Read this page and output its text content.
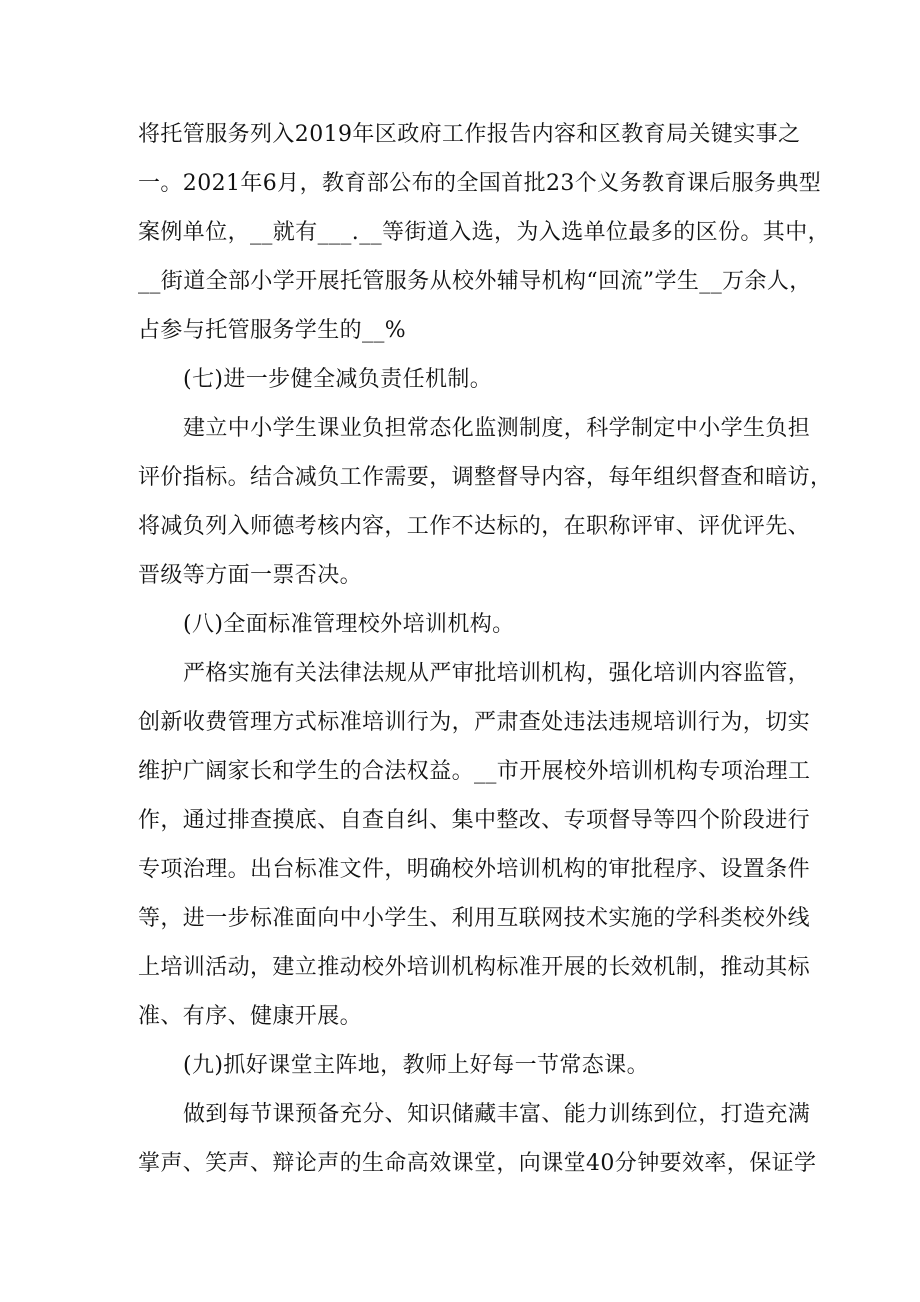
将托管服务列入2019年区政府工作报告内容和区教育局关键实事之
一。2021年6月，教育部公布的全国首批23个义务教育课后服务典型
案例单位，__就有___.__等街道入选，为入选单位最多的区份。其中，
__街道全部小学开展托管服务从校外辅导机构“回流”学生__万余人，
占参与托管服务学生的__%
(七)进一步健全减负责任机制。
建立中小学生课业负担常态化监测制度，科学制定中小学生负担
评价指标。结合减负工作需要，调整督导内容，每年组织督查和暗访，
将减负列入师德考核内容，工作不达标的，在职称评审、评优评先、
晋级等方面一票否决。
(八)全面标准管理校外培训机构。
严格实施有关法律法规从严审批培训机构，强化培训内容监管，
创新收费管理方式标准培训行为，严肃查处违法违规培训行为，切实
维护广阔家长和学生的合法权益。__市开展校外培训机构专项治理工
作，通过排查摸底、自查自纠、集中整改、专项督导等四个阶段进行
专项治理。出台标准文件，明确校外培训机构的审批程序、设置条件
等，进一步标准面向中小学生、利用互联网技术实施的学科类校外线
上培训活动，建立推动校外培训机构标准开展的长效机制，推动其标
准、有序、健康开展。
(九)抓好课堂主阵地，教师上好每一节常态课。
做到每节课预备充分、知识储藏丰富、能力训练到位，打造充满
掌声、笑声、辩论声的生命高效课堂，向课堂40分钟要效率，保证学
